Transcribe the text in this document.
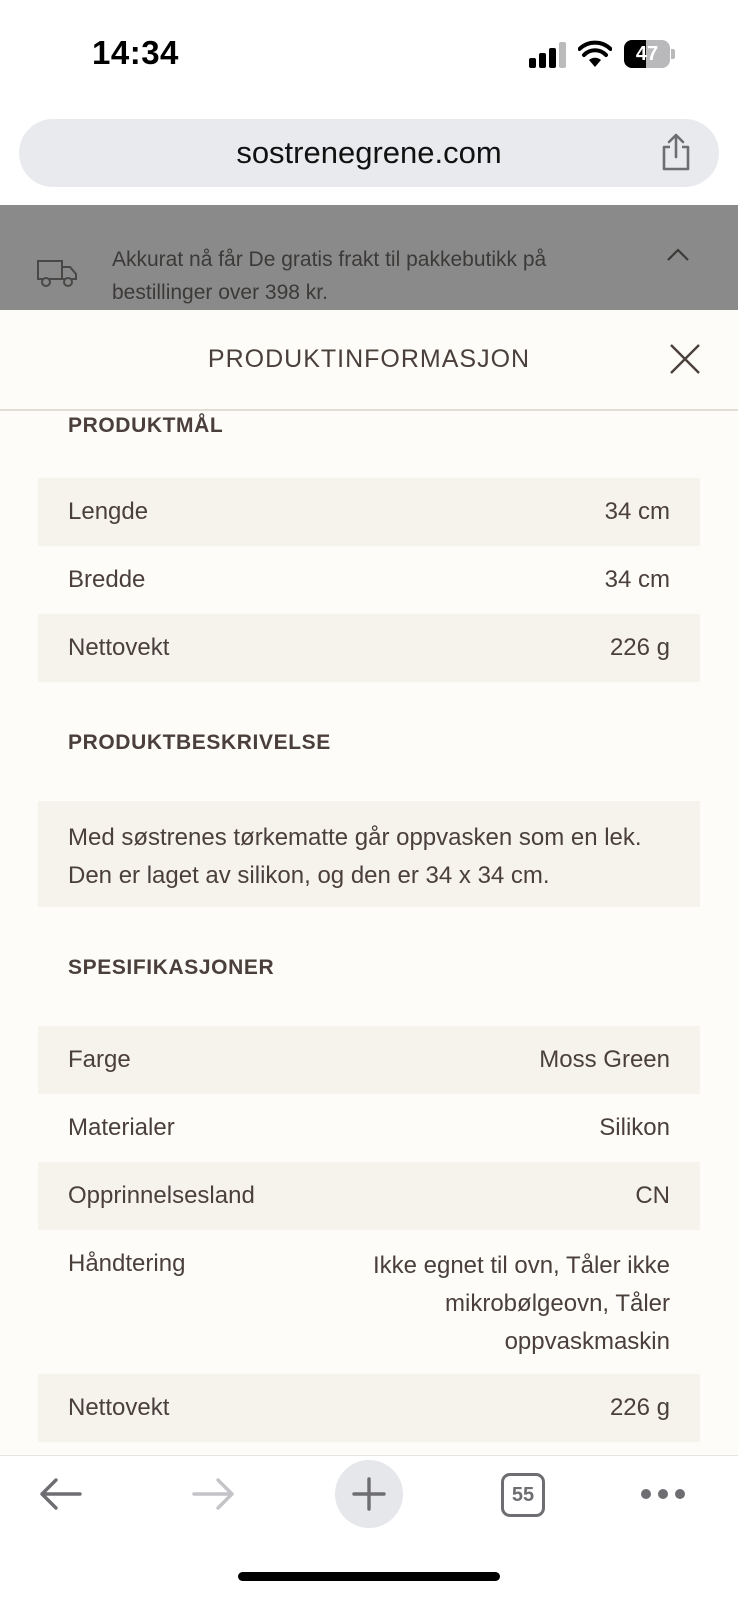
14:34	47
sostrenegrene.com
Akkurat nå får De gratis frakt til pakkebutikk på bestillinger over 398 kr.
PRODUKTINFORMASJON
PRODUKTMÅL
Lengde	34 cm
Bredde	34 cm
Nettovekt	226 g
PRODUKTBESKRIVELSE
Med søstrenes tørkematte går oppvasken som en lek. Den er laget av silikon, og den er 34 x 34 cm.
SPESIFIKASJONER
Farge	Moss Green
Materialer	Silikon
Opprinnelsesland	CN
Håndtering	Ikke egnet til ovn, Tåler ikke mikrobølgeovn, Tåler oppvaskmaskin
Nettovekt	226 g
55
